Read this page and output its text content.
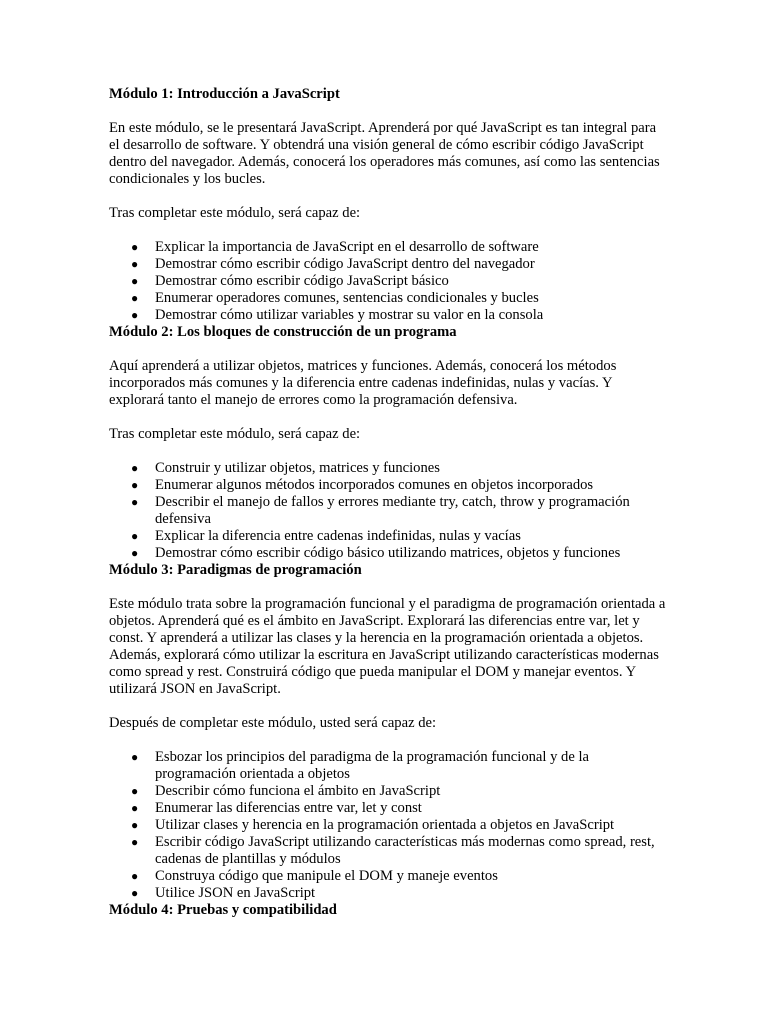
Módulo 1: Introducción a JavaScript

En este módulo, se le presentará JavaScript. Aprenderá por qué JavaScript es tan integral para el desarrollo de software. Y obtendrá una visión general de cómo escribir código JavaScript dentro del navegador. Además, conocerá los operadores más comunes, así como las sentencias condicionales y los bucles.

Tras completar este módulo, será capaz de:

● Explicar la importancia de JavaScript en el desarrollo de software
● Demostrar cómo escribir código JavaScript dentro del navegador
● Demostrar cómo escribir código JavaScript básico
● Enumerar operadores comunes, sentencias condicionales y bucles
● Demostrar cómo utilizar variables y mostrar su valor en la consola

Módulo 2: Los bloques de construcción de un programa

Aquí aprenderá a utilizar objetos, matrices y funciones. Además, conocerá los métodos incorporados más comunes y la diferencia entre cadenas indefinidas, nulas y vacías. Y explorará tanto el manejo de errores como la programación defensiva.

Tras completar este módulo, será capaz de:

● Construir y utilizar objetos, matrices y funciones
● Enumerar algunos métodos incorporados comunes en objetos incorporados
● Describir el manejo de fallos y errores mediante try, catch, throw y programación defensiva
● Explicar la diferencia entre cadenas indefinidas, nulas y vacías
● Demostrar cómo escribir código básico utilizando matrices, objetos y funciones

Módulo 3: Paradigmas de programación

Este módulo trata sobre la programación funcional y el paradigma de programación orientada a objetos. Aprenderá qué es el ámbito en JavaScript. Explorará las diferencias entre var, let y const. Y aprenderá a utilizar las clases y la herencia en la programación orientada a objetos. Además, explorará cómo utilizar la escritura en JavaScript utilizando características modernas como spread y rest. Construirá código que pueda manipular el DOM y manejar eventos. Y utilizará JSON en JavaScript.

Después de completar este módulo, usted será capaz de:

● Esbozar los principios del paradigma de la programación funcional y de la programación orientada a objetos
● Describir cómo funciona el ámbito en JavaScript
● Enumerar las diferencias entre var, let y const
● Utilizar clases y herencia en la programación orientada a objetos en JavaScript
● Escribir código JavaScript utilizando características más modernas como spread, rest, cadenas de plantillas y módulos
● Construya código que manipule el DOM y maneje eventos
● Utilice JSON en JavaScript

Módulo 4: Pruebas y compatibilidad
